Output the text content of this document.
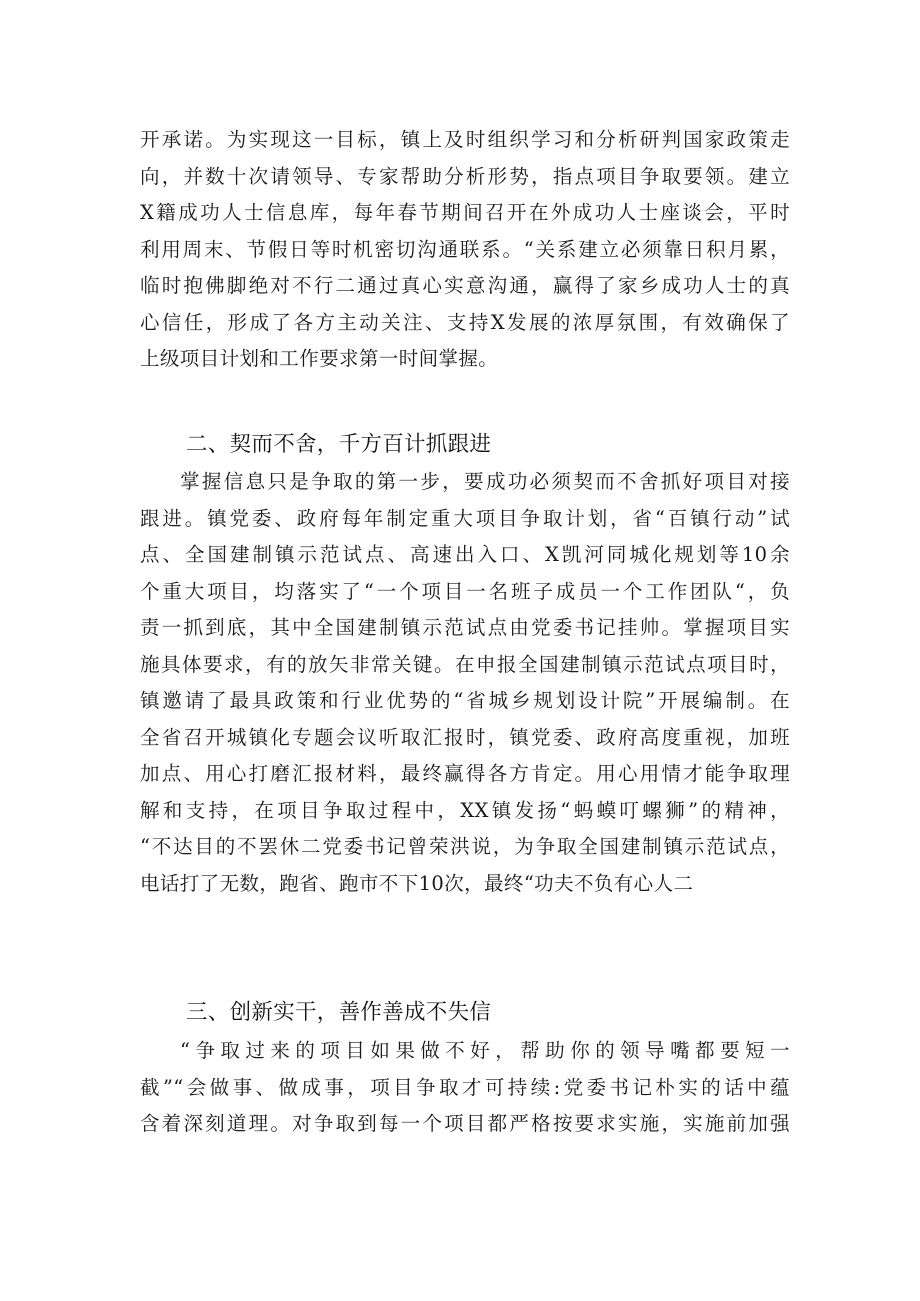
开承诺。为实现这一目标，镇上及时组织学习和分析研判国家政策走

向，并数十次请领导、专家帮助分析形势，指点项目争取要领。建立

X籍成功人士信息库，每年春节期间召开在外成功人士座谈会，平时

利用周末、节假日等时机密切沟通联系。“关系建立必须靠日积月累，

临时抱佛脚绝对不行二通过真心实意沟通，赢得了家乡成功人士的真

心信任，形成了各方主动关注、支持X发展的浓厚氛围，有效确保了

上级项目计划和工作要求第一时间掌握。

二、契而不舍，千方百计抓跟进

掌握信息只是争取的第一步，要成功必须契而不舍抓好项目对接

跟进。镇党委、政府每年制定重大项目争取计划，省“百镇行动”试

点、全国建制镇示范试点、高速出入口、X凯河同城化规划等10余

个重大项目，均落实了“一个项目一名班子成员一个工作团队“，负

责一抓到底，其中全国建制镇示范试点由党委书记挂帅。掌握项目实

施具体要求，有的放矢非常关键。在申报全国建制镇示范试点项目时，

镇邀请了最具政策和行业优势的“省城乡规划设计院”开展编制。在

全省召开城镇化专题会议听取汇报时，镇党委、政府高度重视，加班

加点、用心打磨汇报材料，最终赢得各方肯定。用心用情才能争取理

解和支持，在项目争取过程中，XX镇发扬“蚂蟆叮螺狮”的精神，

“不达目的不罢休二党委书记曾荣洪说，为争取全国建制镇示范试点，

电话打了无数，跑省、跑市不下10次，最终“功夫不负有心人二

三、创新实干，善作善成不失信

“争取过来的项目如果做不好，帮助你的领导嘴都要短一

截”“会做事、做成事，项目争取才可持续:党委书记朴实的话中蕴

含着深刻道理。对争取到每一个项目都严格按要求实施，实施前加强
